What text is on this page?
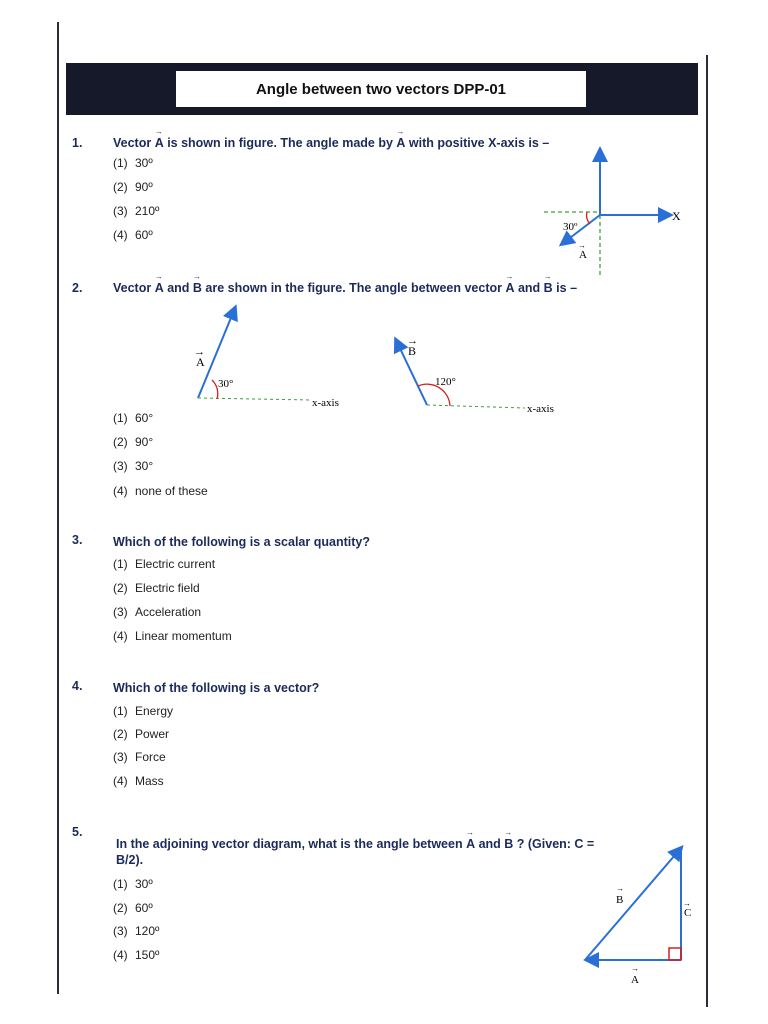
Angle between two vectors DPP-01
1. Vector → A is shown in figure. The angle made by → A with positive X-axis is –
(1) 30º
(2) 90º
(3) 210º
(4) 60º
X
30º
A
→
2. Vector → A and → B are shown in the figure. The angle between vector → A and → B is –
→
A
30°
x-axis
→
B
120°
x-axis
(1) 60°
(2) 90°
(3) 30°
(4) none of these
3. Which of the following is a scalar quantity?
(1) Electric current
(2) Electric field
(3) Acceleration
(4) Linear momentum
4. Which of the following is a vector?
(1) Energy
(2) Power
(3) Force
(4) Mass
5.
In the adjoining vector diagram, what is the angle between → A and → B ? (Given: C =
B/2).
(1) 30º
(2) 60º
(3) 120º
(4) 150º
→
B	→
C
→
A
